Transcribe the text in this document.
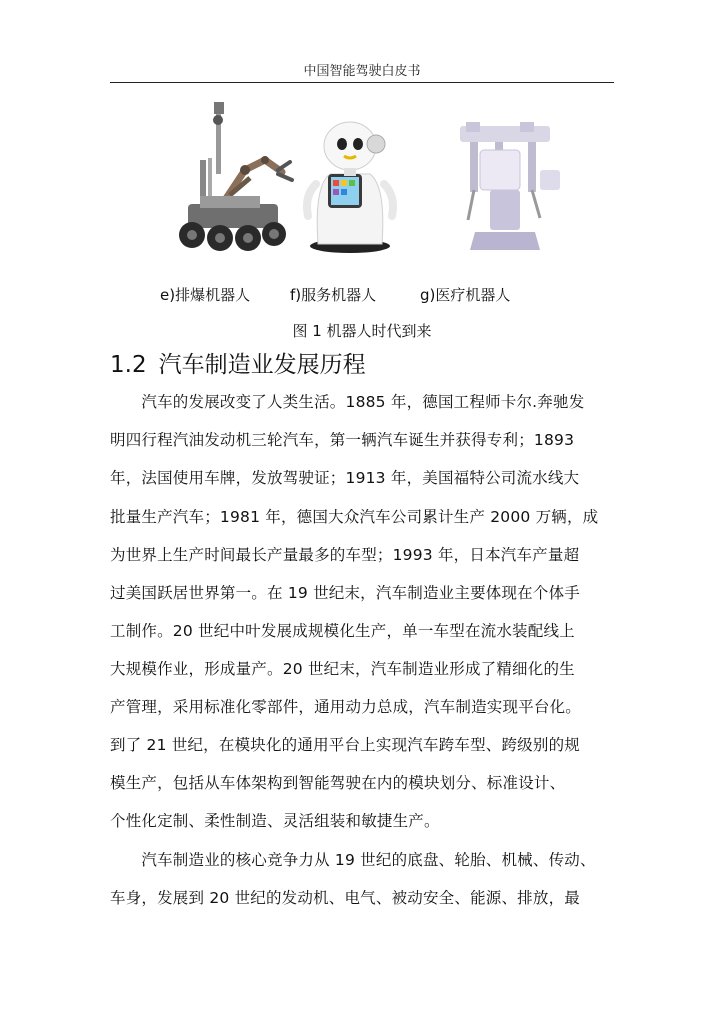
中国智能驾驶白皮书
e)排爆机器人	f)服务机器人	g)医疗机器人
图 1 机器人时代到来
1.2 汽车制造业发展历程
　　汽车的发展改变了人类生活。1885 年，德国工程师卡尔.奔驰发
明四行程汽油发动机三轮汽车，第一辆汽车诞生并获得专利；1893
年，法国使用车牌，发放驾驶证；1913 年，美国福特公司流水线大
批量生产汽车；1981 年，德国大众汽车公司累计生产 2000 万辆，成
为世界上生产时间最长产量最多的车型；1993 年，日本汽车产量超
过美国跃居世界第一。在 19 世纪末，汽车制造业主要体现在个体手
工制作。20 世纪中叶发展成规模化生产，单一车型在流水装配线上
大规模作业，形成量产。20 世纪末，汽车制造业形成了精细化的生
产管理，采用标准化零部件，通用动力总成，汽车制造实现平台化。
到了 21 世纪，在模块化的通用平台上实现汽车跨车型、跨级别的规
模生产，包括从车体架构到智能驾驶在内的模块划分、标准设计、
个性化定制、柔性制造、灵活组装和敏捷生产。
　　汽车制造业的核心竞争力从 19 世纪的底盘、轮胎、机械、传动、
车身，发展到 20 世纪的发动机、电气、被动安全、能源、排放，最
